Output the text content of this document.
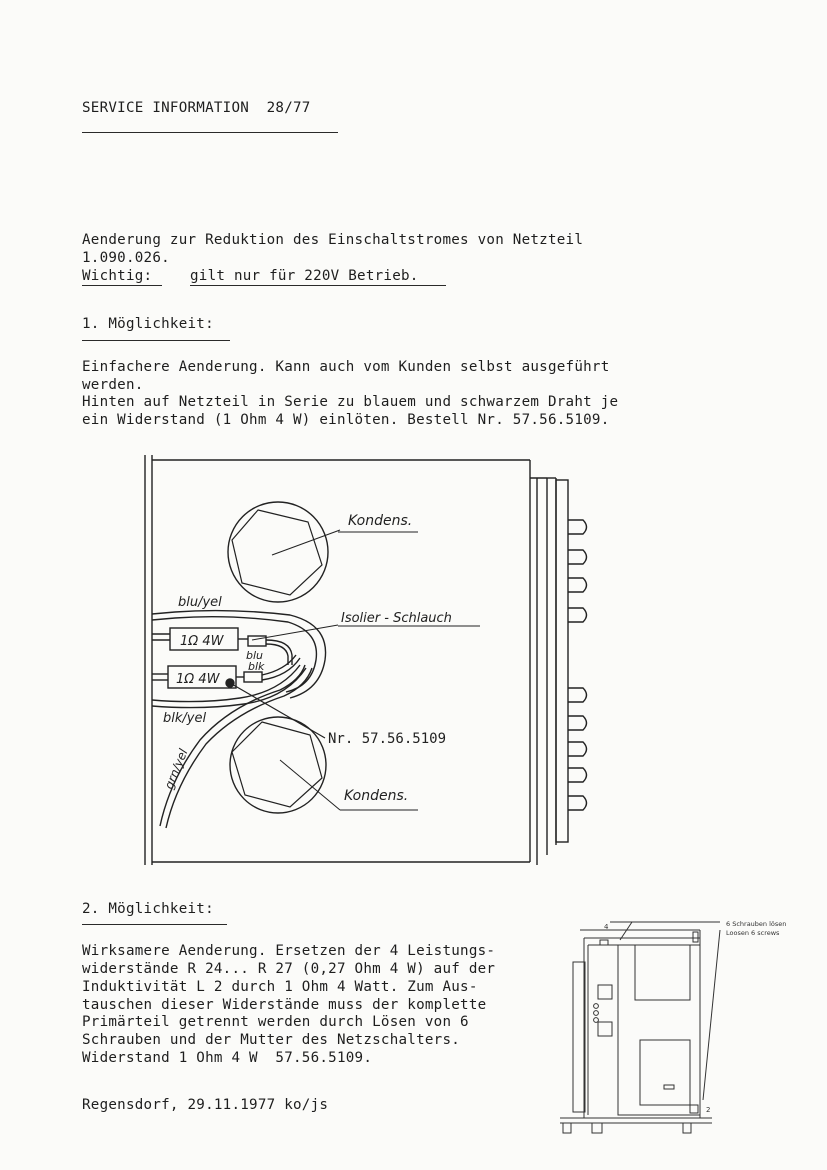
SERVICE INFORMATION  28/77
Aenderung zur Reduktion des Einschaltstromes von Netzteil
1.090.026.
Wichtig:	gilt nur für 220V Betrieb.
1. Möglichkeit:
Einfachere Aenderung. Kann auch vom Kunden selbst ausgeführt
werden.
Hinten auf Netzteil in Serie zu blauem und schwarzem Draht je
ein Widerstand (1 Ohm 4 W) einlöten. Bestell Nr. 57.56.5109.
Kondens.
Kondens.
Isolier - Schlauch
blu/yel
blk/yel
grn/yel
blu
blk
1Ω 4W
1Ω 4W
Nr. 57.56.5109
6 Schrauben lösen
Loosen 6 screws
4
2
2. Möglichkeit:
Wirksamere Aenderung. Ersetzen der 4 Leistungs-
widerstände R 24... R 27 (0,27 Ohm 4 W) auf der
Induktivität L 2 durch 1 Ohm 4 Watt. Zum Aus-
tauschen dieser Widerstände muss der komplette
Primärteil getrennt werden durch Lösen von 6
Schrauben und der Mutter des Netzschalters.
Widerstand 1 Ohm 4 W  57.56.5109.
Regensdorf, 29.11.1977 ko/js
